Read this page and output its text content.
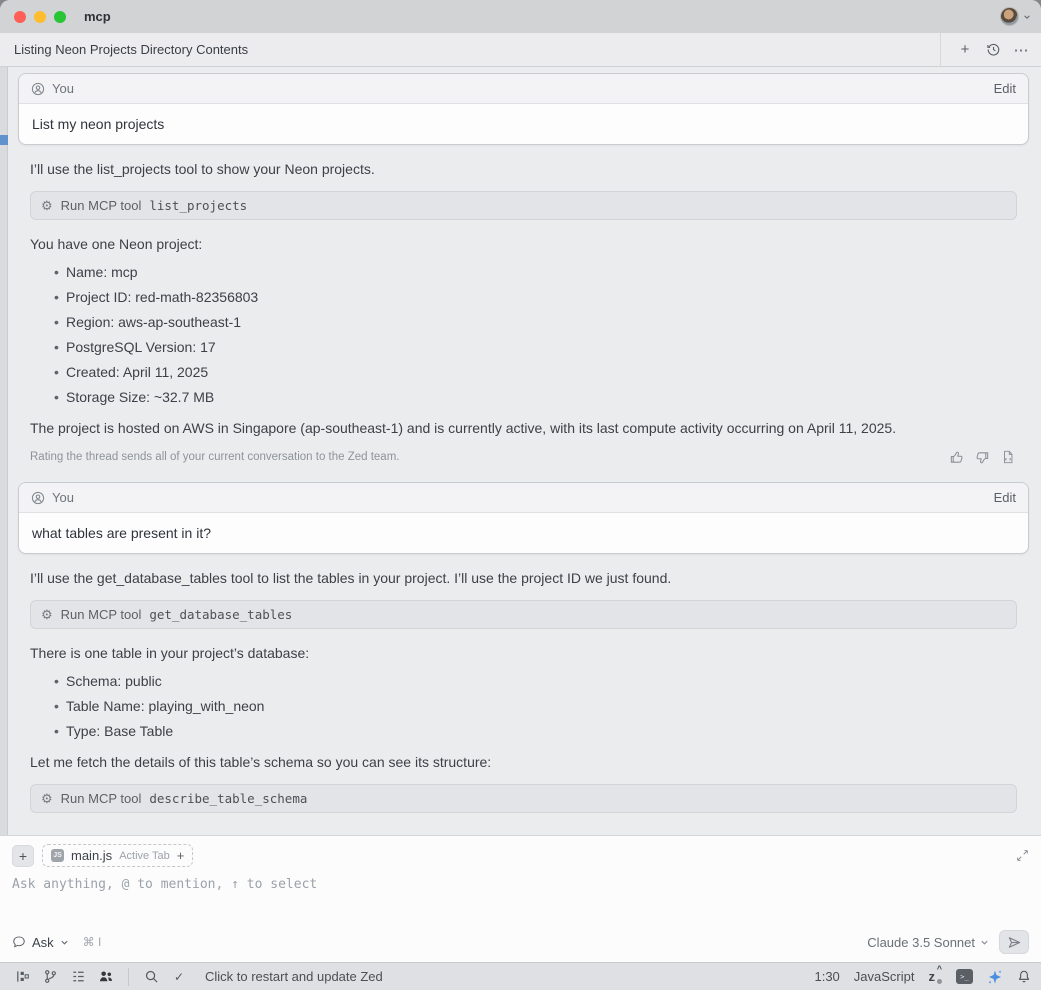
mcp
Listing Neon Projects Directory Contents	+	⋯
You	Edit
List my neon projects

I’ll use the list_projects tool to show your Neon projects.

⚙ Run MCP tool list_projects

You have one Neon project:

• Name: mcp
• Project ID: red-math-82356803
• Region: aws-ap-southeast-1
• PostgreSQL Version: 17
• Created: April 11, 2025
• Storage Size: ~32.7 MB

The project is hosted on AWS in Singapore (ap-southeast-1) and is currently active, with its last compute activity occurring on April 11, 2025.

Rating the thread sends all of your current conversation to the Zed team.
You	Edit
what tables are present in it?

I’ll use the get_database_tables tool to list the tables in your project. I’ll use the project ID we just found.

⚙ Run MCP tool get_database_tables

There is one table in your project’s database:

• Schema: public
• Table Name: playing_with_neon
• Type: Base Table

Let me fetch the details of this table’s schema so you can see its structure:

⚙ Run MCP tool describe_table_schema
+	JS main.js Active Tab +
Ask anything, @ to mention, ↑ to select
Ask ⌘ I	Claude 3.5 Sonnet
✓ Click to restart and update Zed	1:30 JavaScript z ^
>_
